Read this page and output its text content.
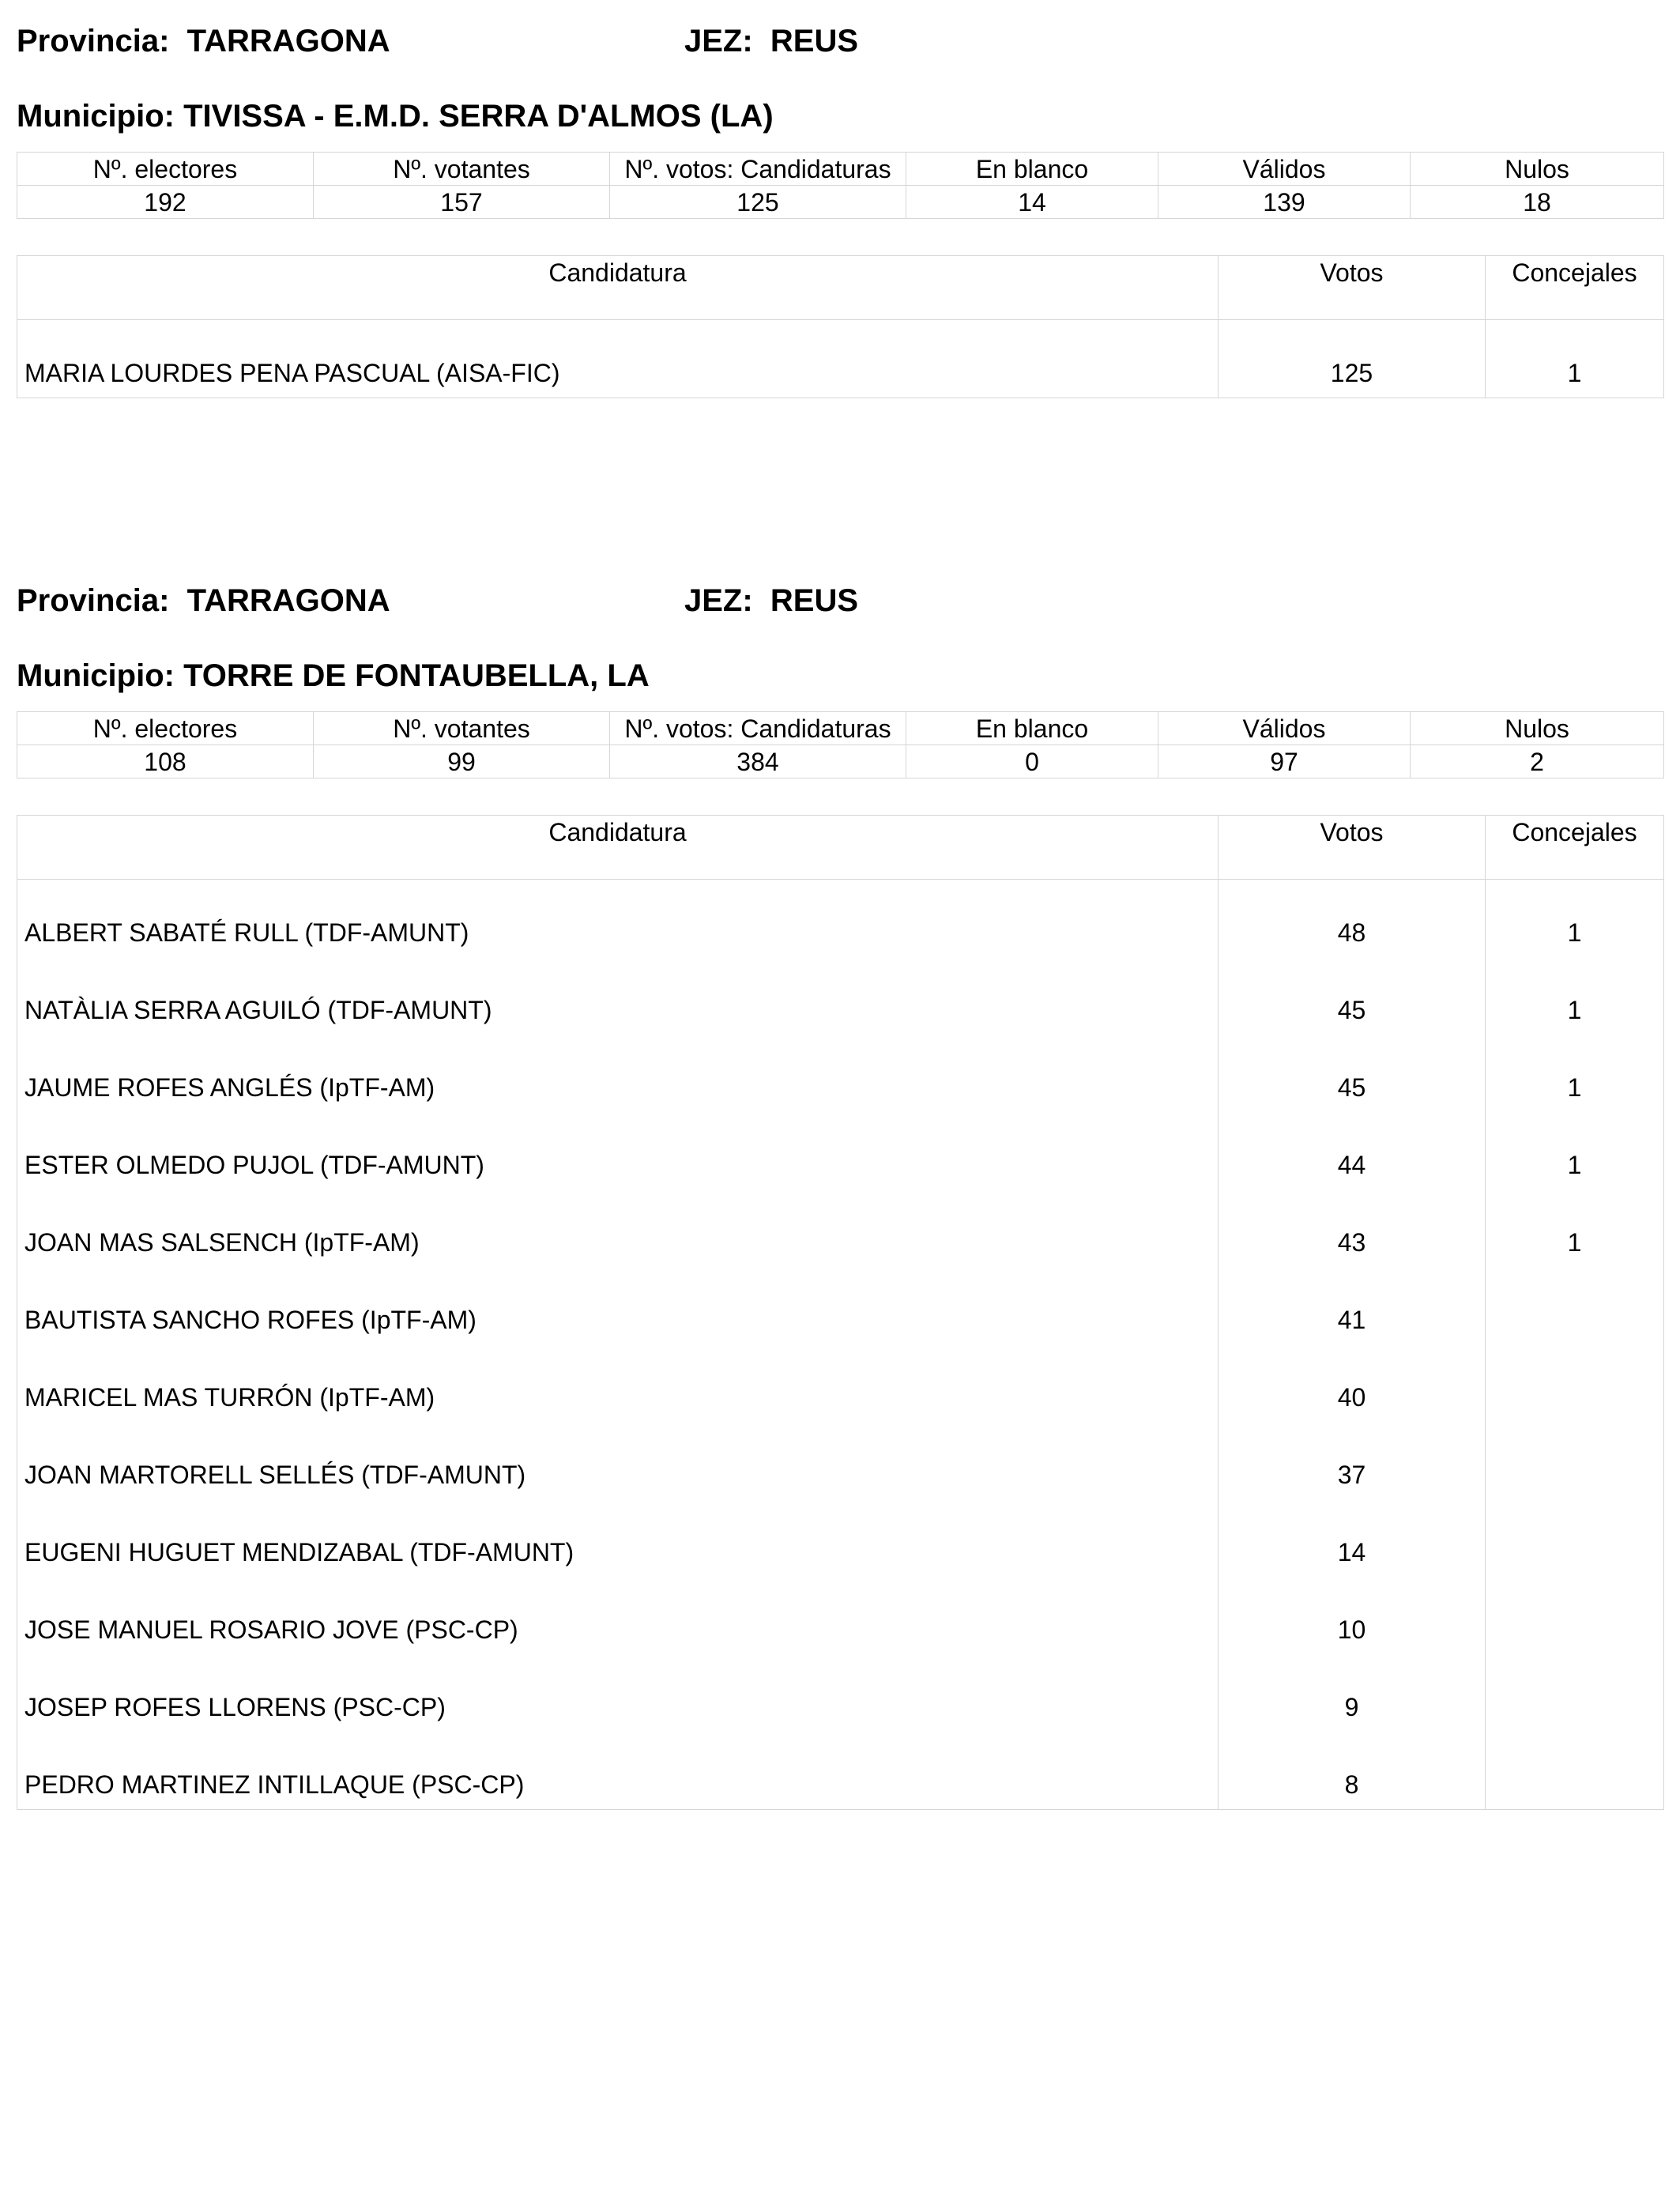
Provincia: TARRAGONA	JEZ: REUS
Municipio: TIVISSA - E.M.D. SERRA D'ALMOS (LA)
Nº. electores	Nº. votantes	Nº. votos: Candidaturas	En blanco	Válidos	Nulos
192	157	125	14	139	18
Candidatura	Votos	Concejales
MARIA LOURDES PENA PASCUAL (AISA-FIC)	125	1
Provincia: TARRAGONA	JEZ: REUS
Municipio: TORRE DE FONTAUBELLA, LA
Nº. electores	Nº. votantes	Nº. votos: Candidaturas	En blanco	Válidos	Nulos
108	99	384	0	97	2
Candidatura	Votos	Concejales
ALBERT SABATÉ RULL (TDF-AMUNT)	48	1
NATÀLIA SERRA AGUILÓ (TDF-AMUNT)	45	1
JAUME ROFES ANGLÉS (IpTF-AM)	45	1
ESTER OLMEDO PUJOL (TDF-AMUNT)	44	1
JOAN MAS SALSENCH (IpTF-AM)	43	1
BAUTISTA SANCHO ROFES (IpTF-AM)	41	
MARICEL MAS TURRÓN (IpTF-AM)	40	
JOAN MARTORELL SELLÉS (TDF-AMUNT)	37	
EUGENI HUGUET MENDIZABAL (TDF-AMUNT)	14	
JOSE MANUEL ROSARIO JOVE (PSC-CP)	10	
JOSEP ROFES LLORENS (PSC-CP)	9	
PEDRO MARTINEZ INTILLAQUE (PSC-CP)	8	
